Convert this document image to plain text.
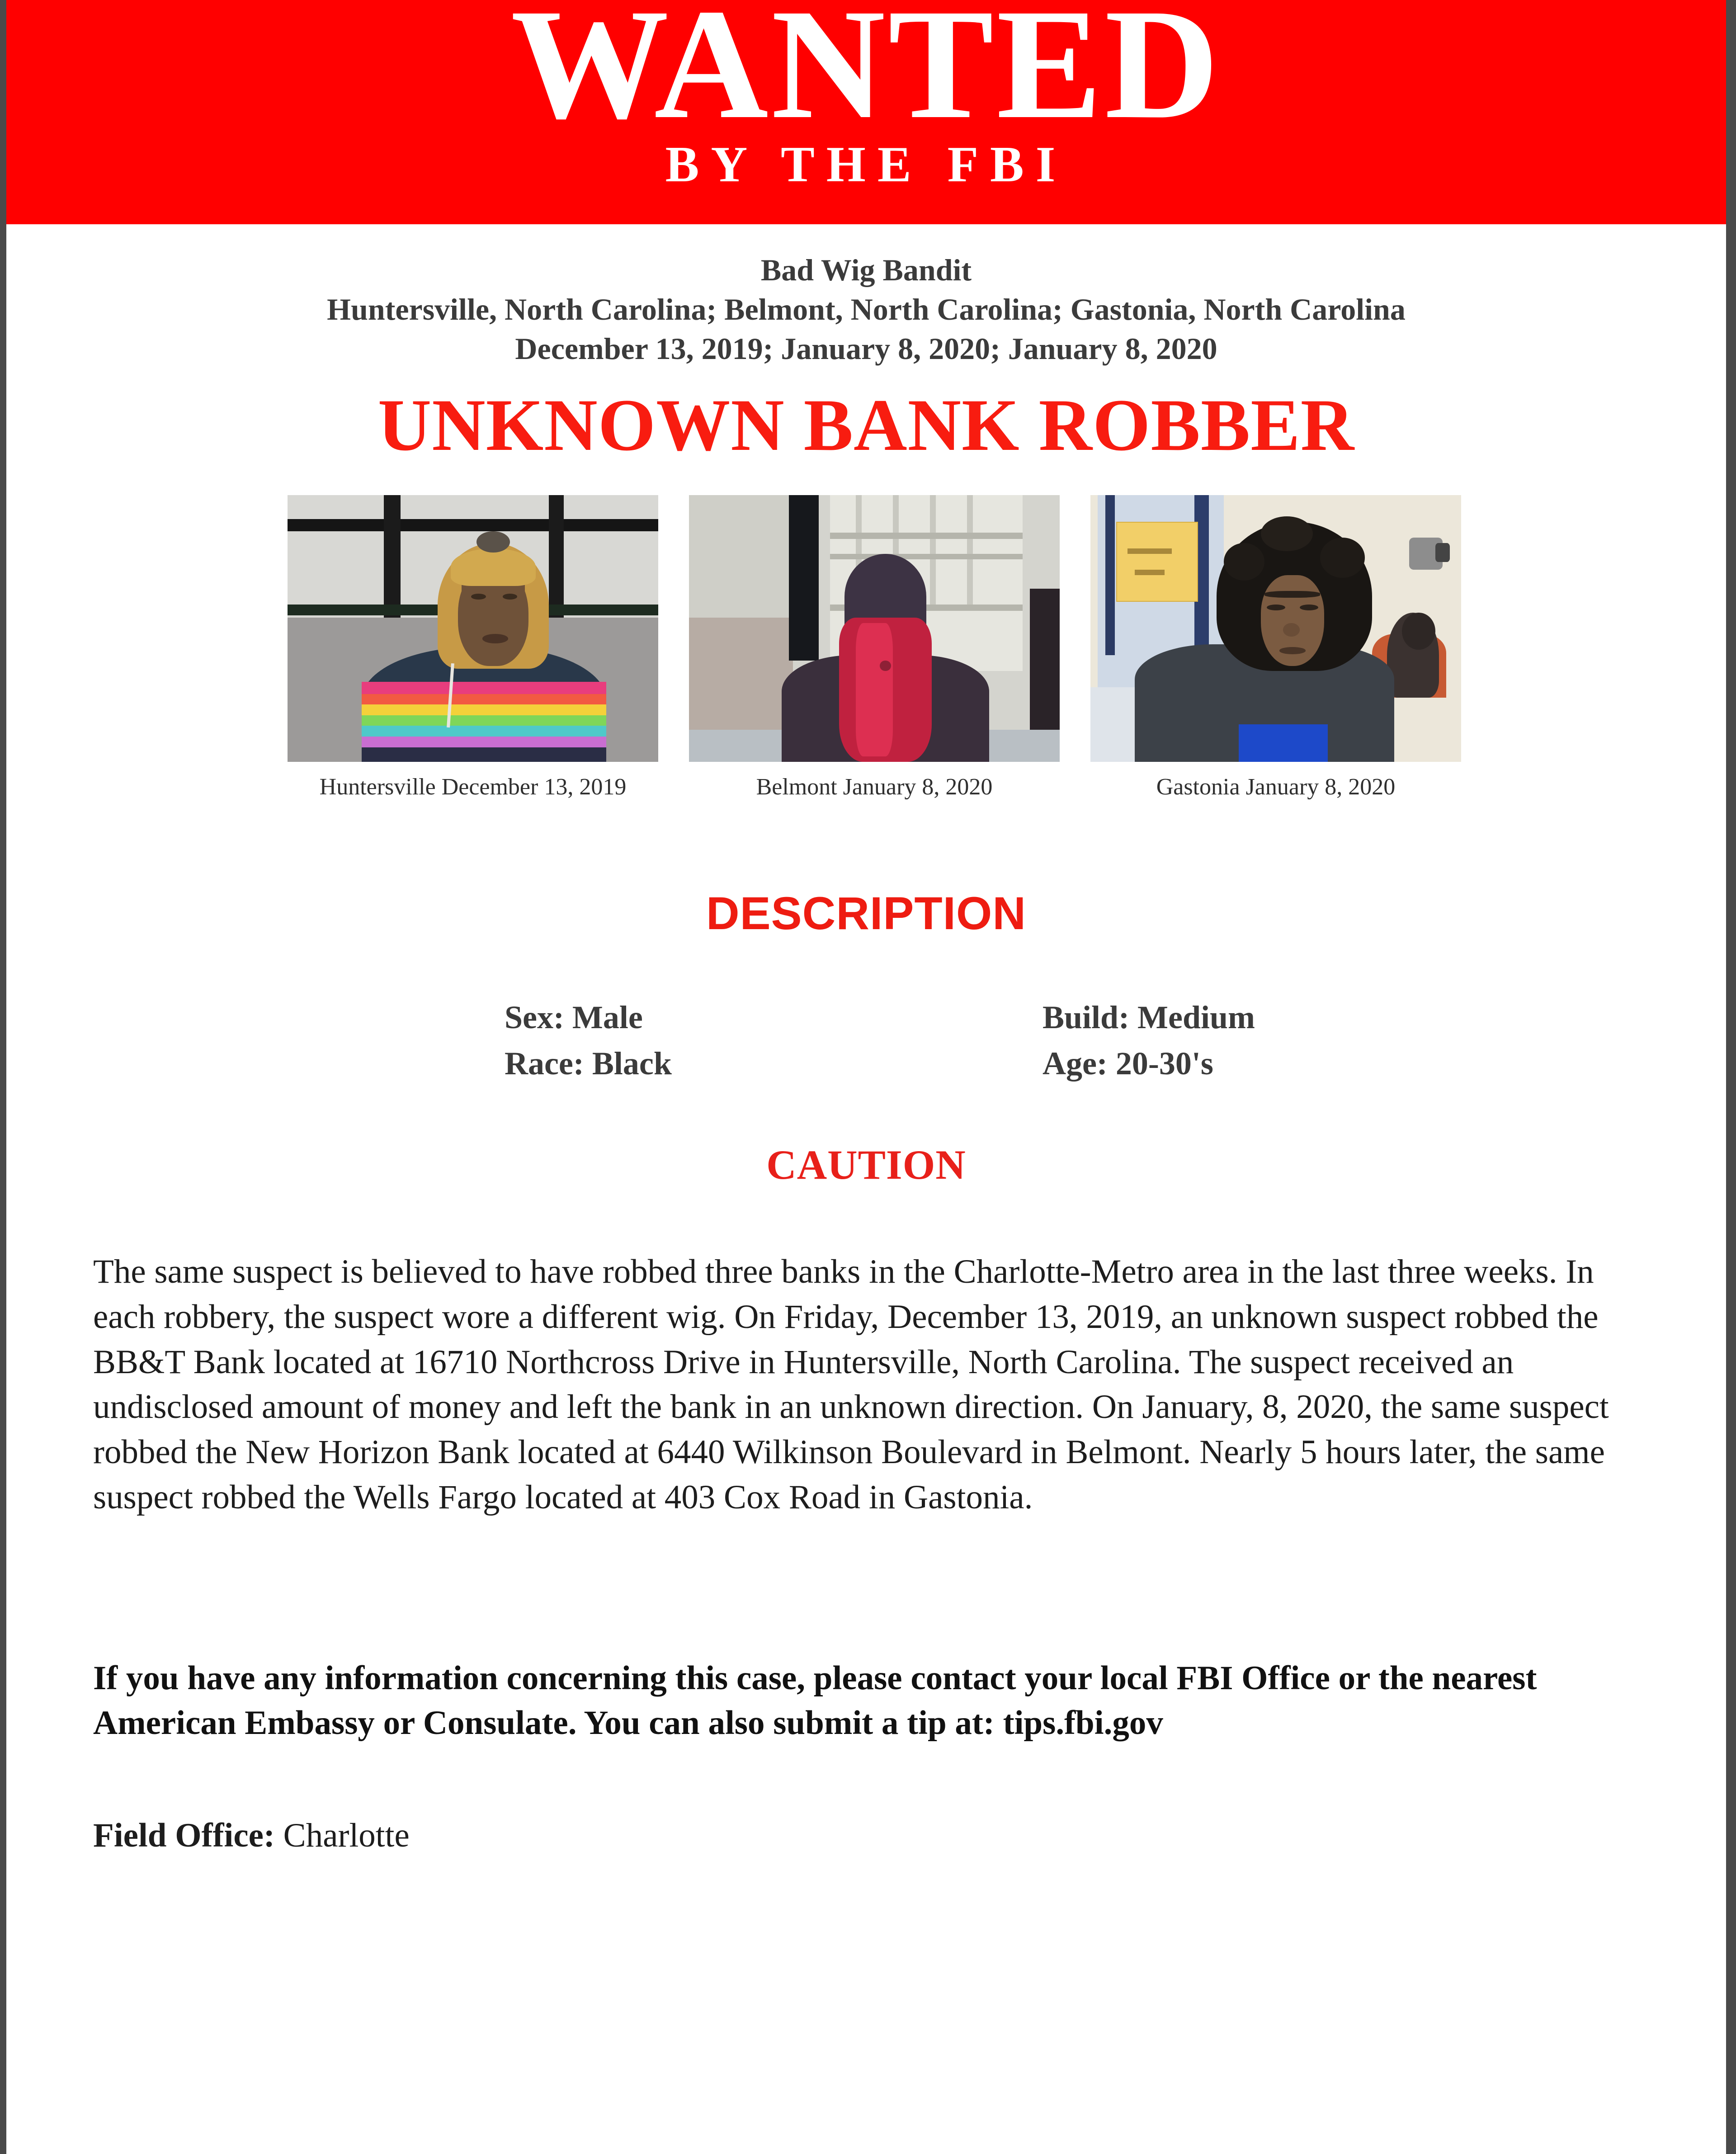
WANTED
BY THE FBI
Bad Wig Bandit
Huntersville, North Carolina; Belmont, North Carolina; Gastonia, North Carolina
December 13, 2019; January 8, 2020; January 8, 2020
UNKNOWN BANK ROBBER
Huntersville December 13, 2019	Belmont January 8, 2020	Gastonia January 8, 2020
DESCRIPTION
Sex: Male
Race: Black
Build: Medium
Age: 20-30's
CAUTION
The same suspect is believed to have robbed three banks in the Charlotte-Metro area in the last three weeks. In each robbery, the suspect wore a different wig. On Friday, December 13, 2019, an unknown suspect robbed the BB&T Bank located at 16710 Northcross Drive in Huntersville, North Carolina. The suspect received an undisclosed amount of money and left the bank in an unknown direction. On January, 8, 2020, the same suspect robbed the New Horizon Bank located at 6440 Wilkinson Boulevard in Belmont. Nearly 5 hours later, the same suspect robbed the Wells Fargo located at 403 Cox Road in Gastonia.
If you have any information concerning this case, please contact your local FBI Office or the nearest American Embassy or Consulate. You can also submit a tip at: tips.fbi.gov
Field Office: Charlotte
